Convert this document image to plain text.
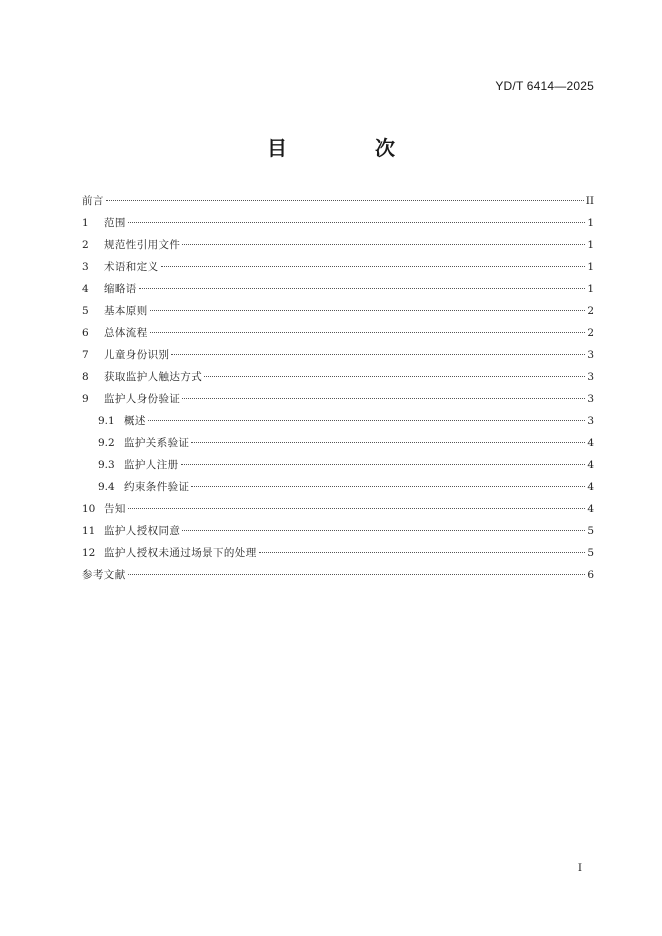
YD/T 6414—2025
目　次
前言	II
1	范围	1
2	规范性引用文件	1
3	术语和定义	1
4	缩略语	1
5	基本原则	2
6	总体流程	2
7	儿童身份识别	3
8	获取监护人触达方式	3
9	监护人身份验证	3
9.1 概述	3
9.2 监护关系验证	4
9.3 监护人注册	4
9.4 约束条件验证	4
10 告知	4
11 监护人授权同意	5
12 监护人授权未通过场景下的处理	5
参考文献	6
I
